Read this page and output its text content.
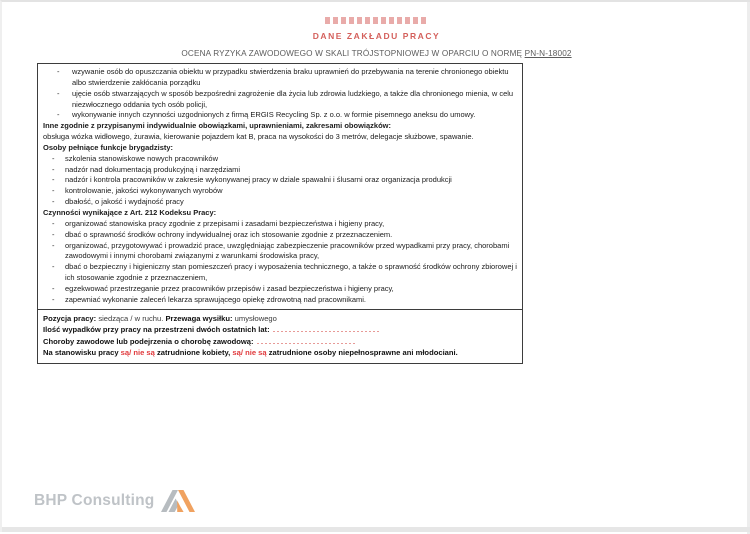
DANE ZAKŁADU PRACY
OCENA RYZYKA ZAWODOWEGO W SKALI TRÓJSTOPNIOWEJ W OPARCIU O NORMĘ PN-N-18002
- wzywanie osób do opuszczania obiektu w przypadku stwierdzenia braku uprawnień do przebywania na terenie chronionego obiektu albo stwierdzenie zakłócania porządku
- ujęcie osób stwarzających w sposób bezpośredni zagrożenie dla życia lub zdrowia ludzkiego, a także dla chronionego mienia, w celu niezwłocznego oddania tych osób policji,
- wykonywanie innych czynności uzgodnionych z firmą ERGIS Recycling Sp. z o.o. w formie pisemnego aneksu do umowy.
Inne zgodnie z przypisanymi indywidualnie obowiązkami, uprawnieniami, zakresami obowiązków:
obsługa wózka widłowego, żurawia, kierowanie pojazdem kat B, praca na wysokości do 3 metrów, delegacje służbowe, spawanie.
Osoby pełniące funkcje brygadzisty:
- szkolenia stanowiskowe nowych pracowników
- nadzór nad dokumentacją produkcyjną i narzędziami
- nadzór i kontrola pracowników w zakresie wykonywanej pracy w dziale spawalni i ślusarni oraz organizacja produkcji
- kontrolowanie, jakości wykonywanych wyrobów
- dbałość, o jakość i wydajność pracy
Czynności wynikające z Art. 212 Kodeksu Pracy:
- organizować stanowiska pracy zgodnie z przepisami i zasadami bezpieczeństwa i higieny pracy,
- dbać o sprawność środków ochrony indywidualnej oraz ich stosowanie zgodnie z przeznaczeniem.
- organizować, przygotowywać i prowadzić prace, uwzględniając zabezpieczenie pracowników przed wypadkami przy pracy, chorobami zawodowymi i innymi chorobami związanymi z warunkami środowiska pracy,
- dbać o bezpieczny i higieniczny stan pomieszczeń pracy i wyposażenia technicznego, a także o sprawność środków ochrony zbiorowej i ich stosowanie zgodnie z przeznaczeniem,
- egzekwować przestrzeganie przez pracowników przepisów i zasad bezpieczeństwa i higieny pracy,
- zapewniać wykonanie zaleceń lekarza sprawującego opiekę zdrowotną nad pracownikami.
Pozycja pracy: siedząca / w ruchu. Przewaga wysiłku: umysłowego
Ilość wypadków przy pracy na przestrzeni dwóch ostatnich lat:
Choroby zawodowe lub podejrzenia o chorobę zawodową:
Na stanowisku pracy są/ nie są zatrudnione kobiety, są/ nie są zatrudnione osoby niepełnosprawne ani młodociani.
BHP Consulting
